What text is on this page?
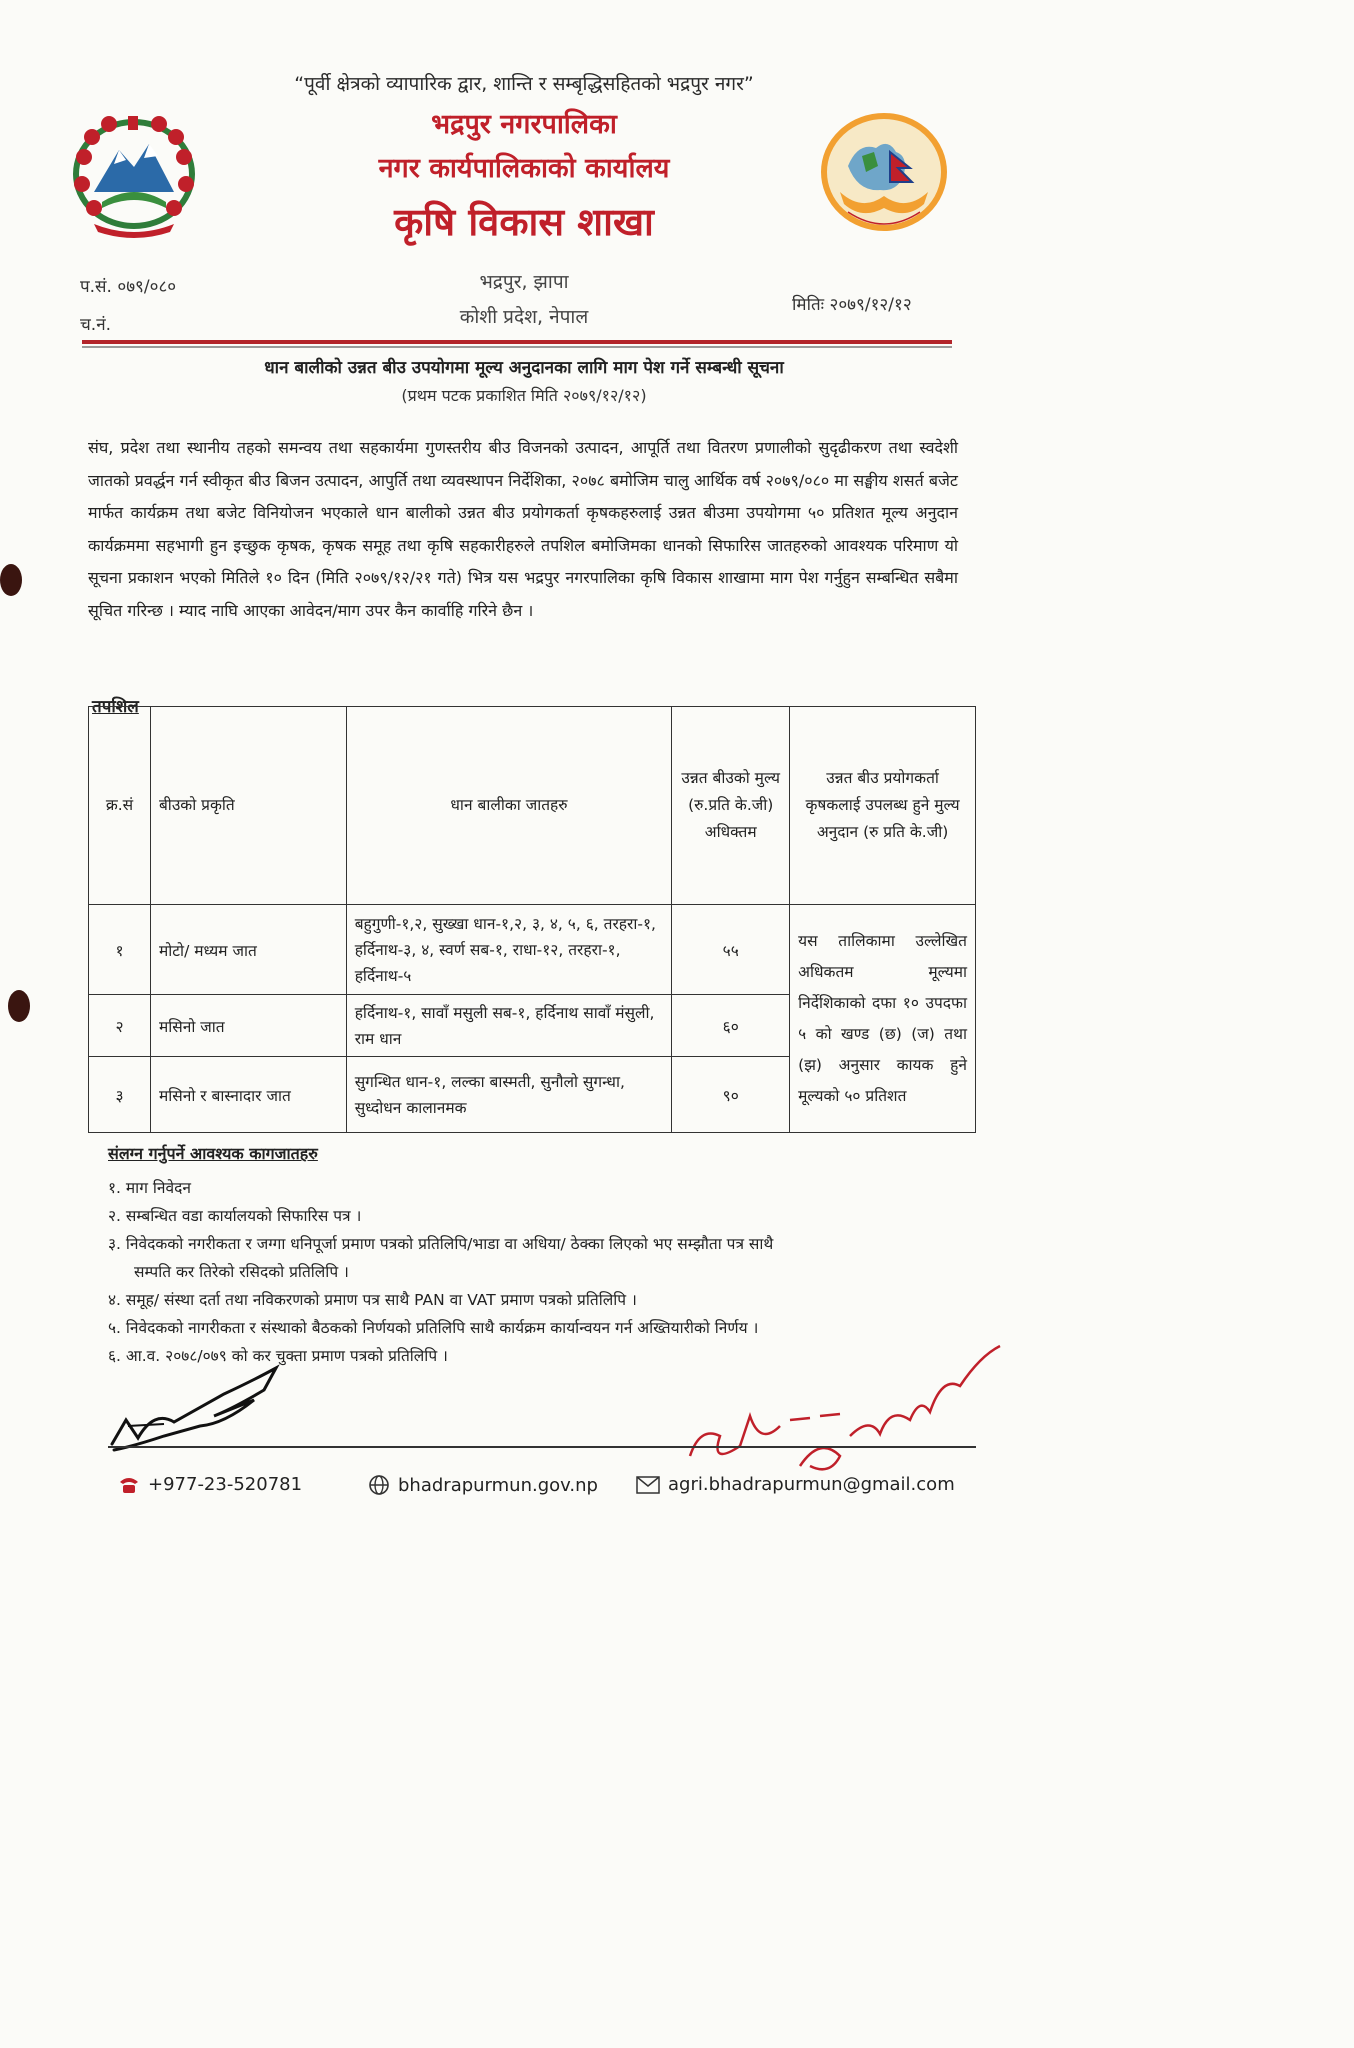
“पूर्वी क्षेत्रको व्यापारिक द्वार, शान्ति र सम्बृद्धिसहितको भद्रपुर नगर”
भद्रपुर नगरपालिका
नगर कार्यपालिकाको कार्यालय
कृषि विकास शाखा
प.सं. ०७९/०८०
च.नं.
भद्रपुर, झापा
कोशी प्रदेश, नेपाल
मितिः २०७९/१२/१२
धान बालीको उन्नत बीउ उपयोगमा मूल्य अनुदानका लागि माग पेश गर्ने सम्बन्धी सूचना
(प्रथम पटक प्रकाशित मिति २०७९/१२/१२)
संघ, प्रदेश तथा स्थानीय तहको समन्वय तथा सहकार्यमा गुणस्तरीय बीउ विजनको उत्पादन, आपूर्ति तथा वितरण प्रणालीको सुदृढीकरण तथा स्वदेशी जातको प्रवर्द्धन गर्न स्वीकृत बीउ बिजन उत्पादन, आपुर्ति तथा व्यवस्थापन निर्देशिका, २०७८ बमोजिम चालु आर्थिक वर्ष २०७९/०८० मा सङ्घीय शसर्त बजेट मार्फत कार्यक्रम तथा बजेट विनियोजन भएकाले धान बालीको उन्नत बीउ प्रयोगकर्ता कृषकहरुलाई उन्नत बीउमा उपयोगमा ५० प्रतिशत मूल्य अनुदान कार्यक्रममा सहभागी हुन इच्छुक कृषक, कृषक समूह तथा कृषि सहकारीहरुले तपशिल बमोजिमका धानको सिफारिस जातहरुको आवश्यक परिमाण यो सूचना प्रकाशन भएको मितिले १० दिन (मिति २०७९/१२/२१ गते) भित्र यस भद्रपुर नगरपालिका कृषि विकास शाखामा माग पेश गर्नुहुन सम्बन्धित सबैमा सूचित गरिन्छ । म्याद नाघि आएका आवेदन/माग उपर कैन कार्वाहि गरिने छैन ।
तपशिल
क्र.सं	बीउको प्रकृति	धान बालीका जातहरु	उन्नत बीउको मुल्य (रु.प्रति के.जी) अधिक्तम	उन्नत बीउ प्रयोगकर्ता कृषकलाई उपलब्ध हुने मुल्य अनुदान (रु प्रति के.जी)
१	मोटो/ मध्यम जात	बहुगुणी-१,२, सुख्खा धान-१,२, ३, ४, ५, ६, तरहरा-१, हर्दिनाथ-३, ४, स्वर्ण सब-१, राधा-१२, तरहरा-१, हर्दिनाथ-५	५५	यस तालिकामा उल्लेखित अधिकतम मूल्यमा निर्देशिकाको दफा १० उपदफा ५ को खण्ड (छ) (ज) तथा (झ) अनुसार कायक हुने मूल्यको ५० प्रतिशत
२	मसिनो जात	हर्दिनाथ-१, सावाँ मसुली सब-१, हर्दिनाथ सावाँ मंसुली, राम धान	६०	
३	मसिनो र बास्नादार जात	सुगन्धित धान-१, लल्का बास्मती, सुनौलो सुगन्धा, सुध्दोधन कालानमक	९०	
संलग्न गर्नुपर्ने आवश्यक कागजातहरु
१. माग निवेदन
२. सम्बन्धित वडा कार्यालयको सिफारिस पत्र ।
३. निवेदकको नगरीकता र जग्गा धनिपूर्जा प्रमाण पत्रको प्रतिलिपि/भाडा वा अधिया/ ठेक्का लिएको भए सम्झौता पत्र साथै
सम्पति कर तिरेको रसिदको प्रतिलिपि ।
४. समूह/ संस्था दर्ता तथा नविकरणको प्रमाण पत्र साथै PAN वा VAT प्रमाण पत्रको प्रतिलिपि ।
५. निवेदकको नागरीकता र संस्थाको बैठकको निर्णयको प्रतिलिपि साथै कार्यक्रम कार्यान्वयन गर्न अख्तियारीको निर्णय ।
६. आ.व. २०७८/०७९ को कर चुक्ता प्रमाण पत्रको प्रतिलिपि ।
+977-23-520781	bhadrapurmun.gov.np	agri.bhadrapurmun@gmail.com
